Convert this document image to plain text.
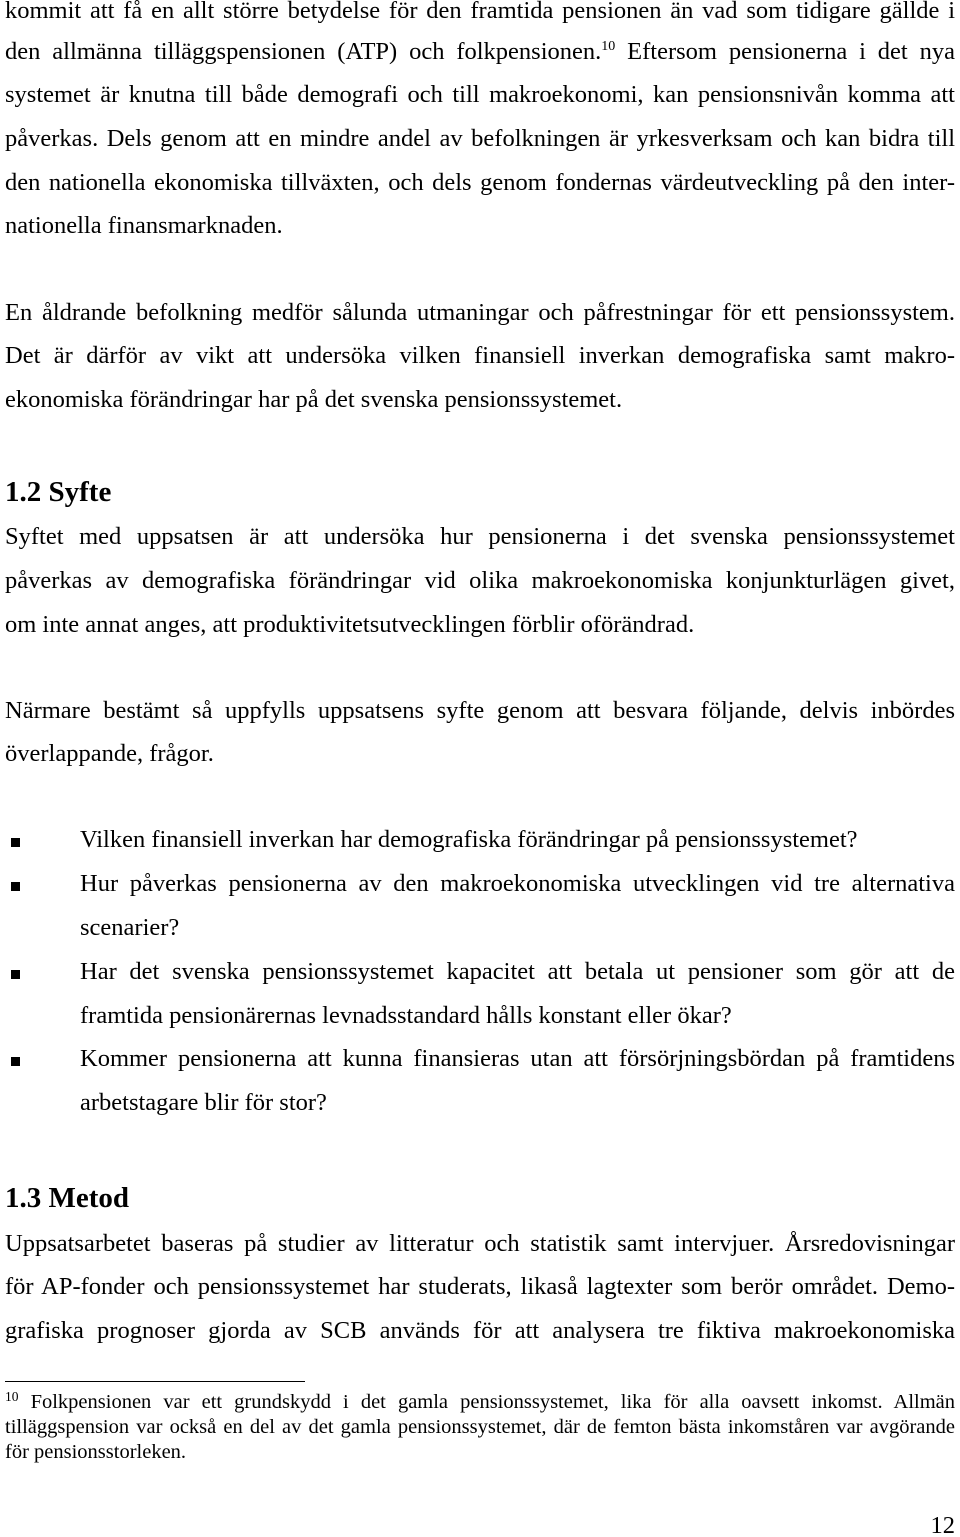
kommit att få en allt större betydelse för den framtida pensionen än vad som tidigare gällde i
den allmänna tilläggspensionen (ATP) och folkpensionen.$^{10}$ Eftersom pensionerna i det nya
systemet är knutna till både demografi och till makroekonomi, kan pensionsnivån komma att
påverkas. Dels genom att en mindre andel av befolkningen är yrkesverksam och kan bidra till
den nationella ekonomiska tillväxten, och dels genom fondernas värdeutveckling på den inter-
nationella finansmarknaden.
En åldrande befolkning medför sålunda utmaningar och påfrestningar för ett pensionssystem.
Det är därför av vikt att undersöka vilken finansiell inverkan demografiska samt makro-
ekonomiska förändringar har på det svenska pensionssystemet.
1.2 Syfte
Syftet med uppsatsen är att undersöka hur pensionerna i det svenska pensionssystemet
påverkas av demografiska förändringar vid olika makroekonomiska konjunkturlägen givet,
om inte annat anges, att produktivitetsutvecklingen förblir oförändrad.
Närmare bestämt så uppfylls uppsatsens syfte genom att besvara följande, delvis inbördes
överlappande, frågor.
Vilken finansiell inverkan har demografiska förändringar på pensionssystemet?
Hur påverkas pensionerna av den makroekonomiska utvecklingen vid tre alternativa
scenarier?
Har det svenska pensionssystemet kapacitet att betala ut pensioner som gör att de
framtida pensionärernas levnadsstandard hålls konstant eller ökar?
Kommer pensionerna att kunna finansieras utan att försörjningsbördan på framtidens
arbetstagare blir för stor?
1.3 Metod
Uppsatsarbetet baseras på studier av litteratur och statistik samt intervjuer. Årsredovisningar
för AP-fonder och pensionssystemet har studerats, likaså lagtexter som berör området. Demo-
grafiska prognoser gjorda av SCB används för att analysera tre fiktiva makroekonomiska
$^{10}$ Folkpensionen var ett grundskydd i det gamla pensionssystemet, lika för alla oavsett inkomst. Allmän
tilläggspension var också en del av det gamla pensionssystemet, där de femton bästa inkomståren var avgörande
för pensionsstorleken.
12
